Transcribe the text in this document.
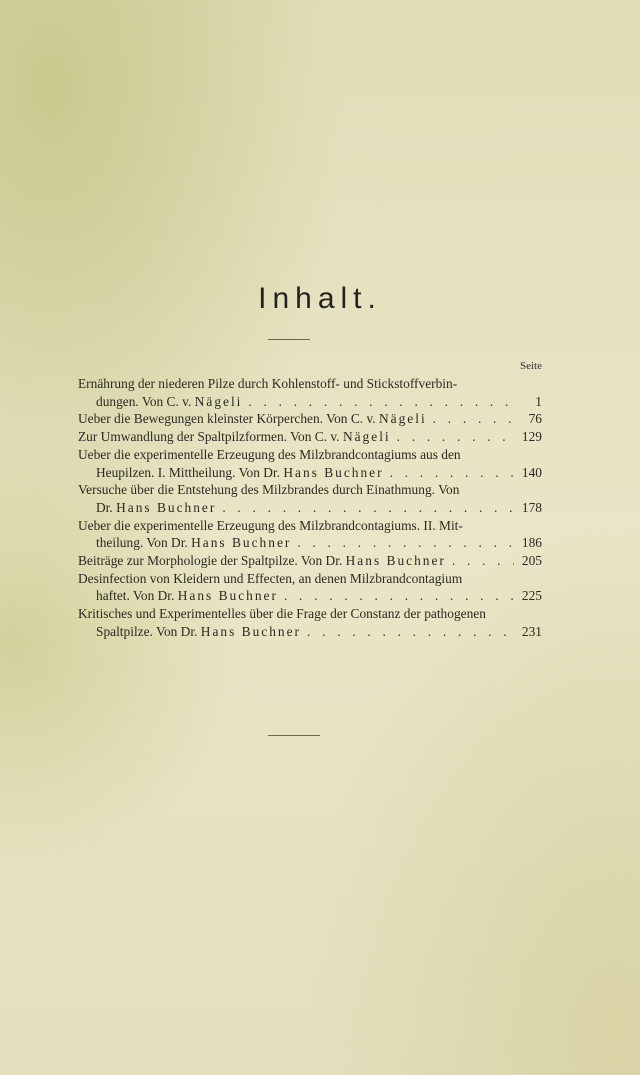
Inhalt.
Seite
Ernährung der niederen Pilze durch Kohlenstoff- und Stickstoffverbin-
dungen. Von C. v. Nägeli . . .	1
Ueber die Bewegungen kleinster Körperchen. Von C. v. Nägeli . . .	76
Zur Umwandlung der Spaltpilzformen. Von C. v. Nägeli . . .	129
Ueber die experimentelle Erzeugung des Milzbrandcontagiums aus den
Heupilzen. I. Mittheilung. Von Dr. Hans Buchner . . .	140
Versuche über die Entstehung des Milzbrandes durch Einathmung. Von
Dr. Hans Buchner . . .	178
Ueber die experimentelle Erzeugung des Milzbrandcontagiums. II. Mit-
theilung. Von Dr. Hans Buchner . . .	186
Beiträge zur Morphologie der Spaltpilze. Von Dr. Hans Buchner . . .	205
Desinfection von Kleidern und Effecten, an denen Milzbrandcontagium
haftet. Von Dr. Hans Buchner . . .	225
Kritisches und Experimentelles über die Frage der Constanz der pathogenen
Spaltpilze. Von Dr. Hans Buchner . . .	231
